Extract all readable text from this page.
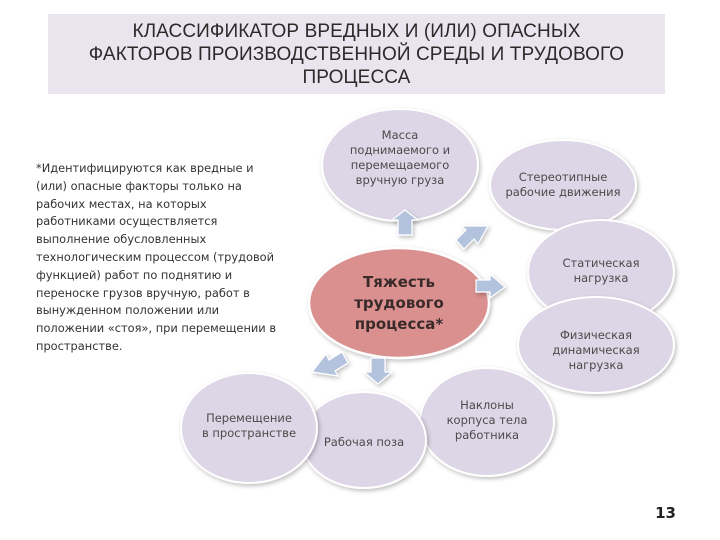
КЛАССИФИКАТОР ВРЕДНЫХ И (ИЛИ) ОПАСНЫХ
ФАКТОРОВ ПРОИЗВОДСТВЕННОЙ СРЕДЫ И ТРУДОВОГО
ПРОЦЕССА
*Идентифицируются как вредные и (или) опасные факторы только на рабочих местах, на которых работниками осуществляется выполнение обусловленных технологическим процессом (трудовой функцией) работ по поднятию и переноске грузов вручную, работ в вынужденном положении или положении «стоя», при перемещении в пространстве.
Масса
поднимаемого и
перемещаемого
вручную груза	Стереотипные
рабочие движения
Статическая
нагрузка
Физическая
динамическая
нагрузка
Наклоны
корпуса тела
работника
Рабочая поза
Перемещение
в пространстве
Тяжесть
трудового
процесса*
13
